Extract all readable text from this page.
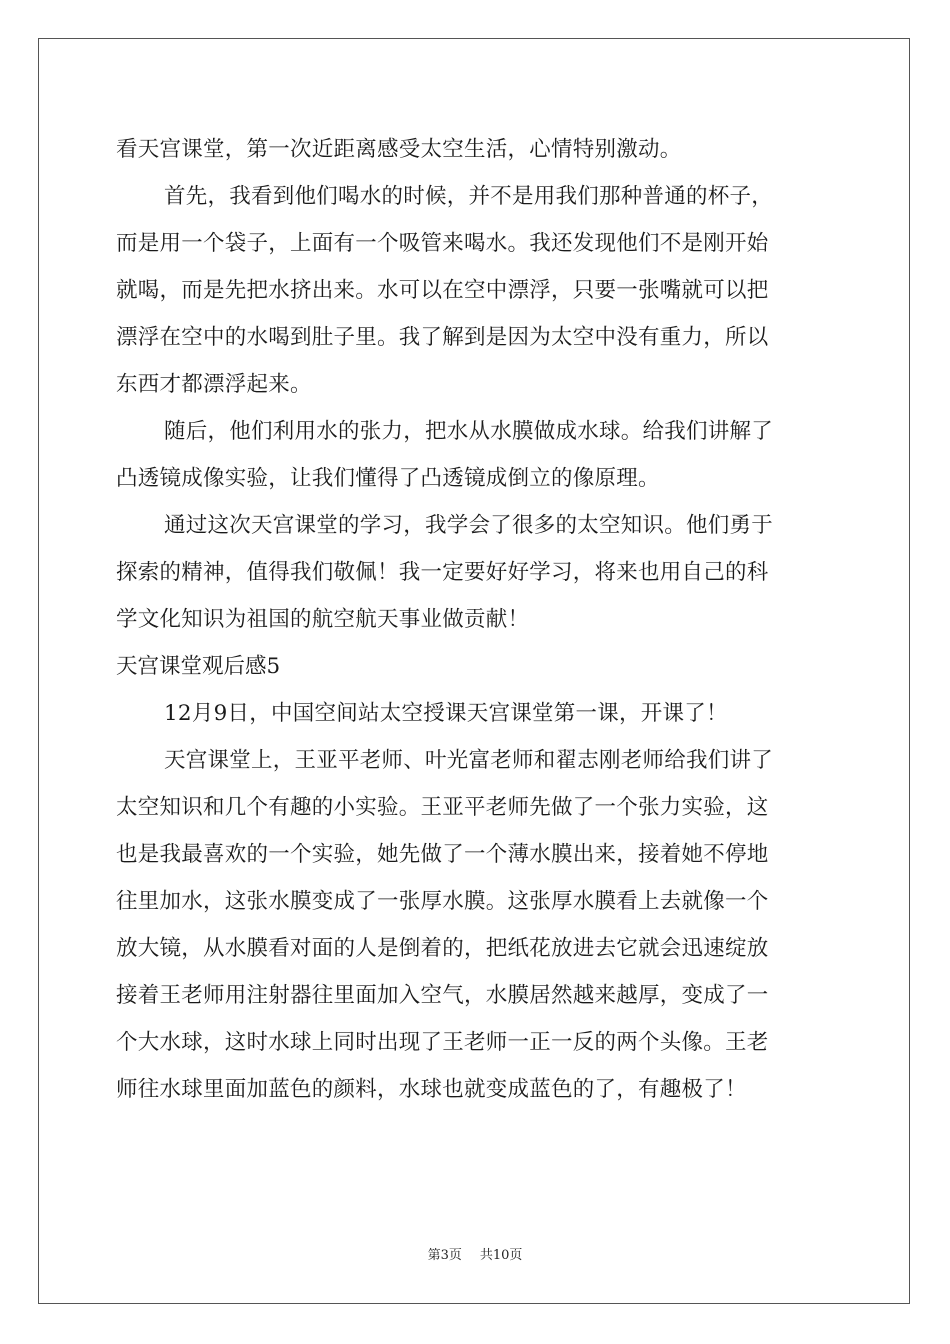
看天宫课堂，第一次近距离感受太空生活，心情特别激动。
首先，我看到他们喝水的时候，并不是用我们那种普通的杯子，
而是用一个袋子，上面有一个吸管来喝水。我还发现他们不是刚开始
就喝，而是先把水挤出来。水可以在空中漂浮，只要一张嘴就可以把
漂浮在空中的水喝到肚子里。我了解到是因为太空中没有重力，所以
东西才都漂浮起来。
随后，他们利用水的张力，把水从水膜做成水球。给我们讲解了
凸透镜成像实验，让我们懂得了凸透镜成倒立的像原理。
通过这次天宫课堂的学习，我学会了很多的太空知识。他们勇于
探索的精神，值得我们敬佩！我一定要好好学习，将来也用自己的科
学文化知识为祖国的航空航天事业做贡献！
天宫课堂观后感5
12月9日，中国空间站太空授课天宫课堂第一课，开课了！
天宫课堂上，王亚平老师、叶光富老师和翟志刚老师给我们讲了
太空知识和几个有趣的小实验。王亚平老师先做了一个张力实验，这
也是我最喜欢的一个实验，她先做了一个薄水膜出来，接着她不停地
往里加水，这张水膜变成了一张厚水膜。这张厚水膜看上去就像一个
放大镜，从水膜看对面的人是倒着的，把纸花放进去它就会迅速绽放
接着王老师用注射器往里面加入空气，水膜居然越来越厚，变成了一
个大水球，这时水球上同时出现了王老师一正一反的两个头像。王老
师往水球里面加蓝色的颜料，水球也就变成蓝色的了，有趣极了！
第3页 共10页
